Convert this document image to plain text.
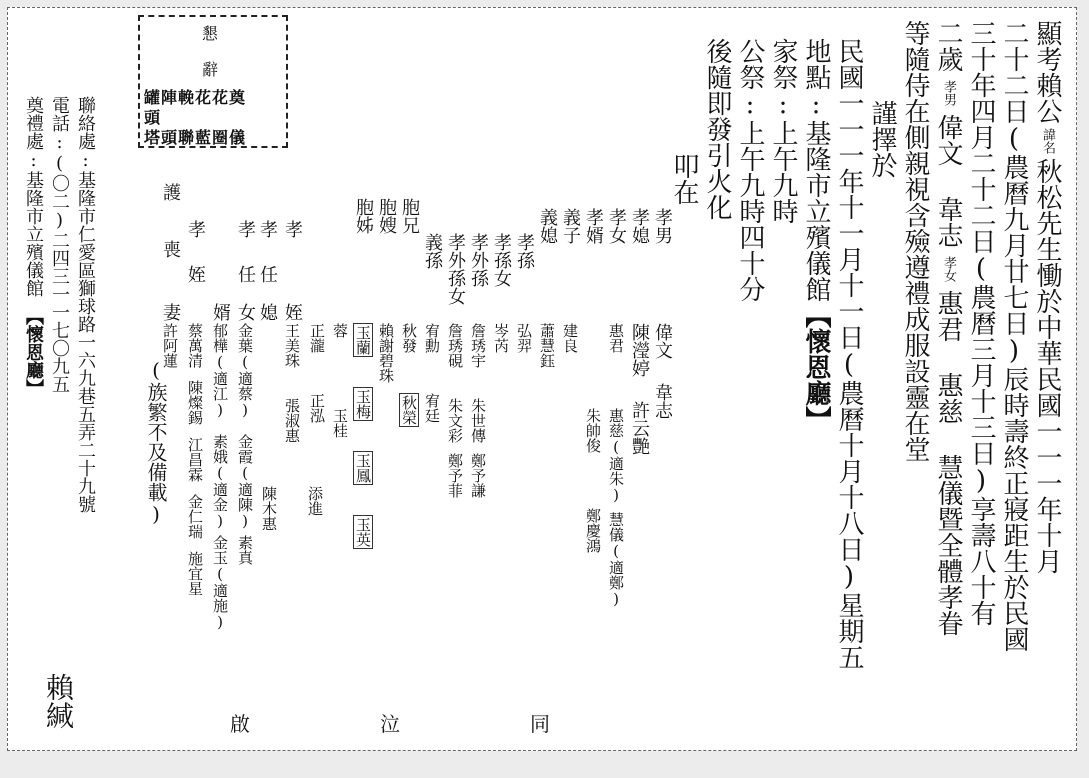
顯考賴公諱名秋松先生慟於中華民國一一一年十月
二十二日(農曆九月廿七日)辰時壽終正寢距生於民國
三十年四月二十二日(農曆三月十三日)享壽八十有
二歲孝男偉文 韋志孝女惠君 惠慈 慧儀暨全體孝眷
等隨侍在側親視含殮遵禮成服設靈在堂
謹擇於
民國一一一年十一月十一日(農曆十月十八日)星期五
地點:基隆市立殯儀館【懷恩廳】
家祭:上午九時
公祭:上午九時四十分
後隨即發引火化
叩在
懇
辭
罐陣輓花花奠
頭
塔頭聯藍圈儀
孝男
偉文韋志
孝媳
陳瀅婷許云艷
孝女
惠君惠慈(適朱)慧儀(適鄭)
孝婿
朱帥俊鄭慶鴻
義子
建良
義媳
蕭慧鈺
孝孫
弘羿
孝孫女
岑芮
孝外孫
詹琇宇朱世傳鄭予謙
孝外孫女
詹琇硯朱文彩鄭予菲
義孫
宥勳宥廷
胞兄
秋發秋榮
胞嫂
賴謝碧珠
胞姊
玉蘭玉梅玉鳳玉英
蓉
正瀧正泓 玉桂
孝
姪
王美珠張淑惠
添進
陳木惠
孝
任
孝
任
媳
女
金葉(適蔡)金霞(適陳)素真
婿
郁樺(適江)素娥(適金)金玉(適施)
孝
姪
蔡萬清陳燦錫江昌霖金仁瑞施宜星
護
喪
妻
許阿蓮
(族繁不及備載)
啟	泣	同
聯絡處:基隆市仁愛區獅球路一六九巷五弄二十九號
電話:(〇二)二四三一一七〇九五
奠禮處:基隆市立殯儀館【懷恩廳】
賴緘
